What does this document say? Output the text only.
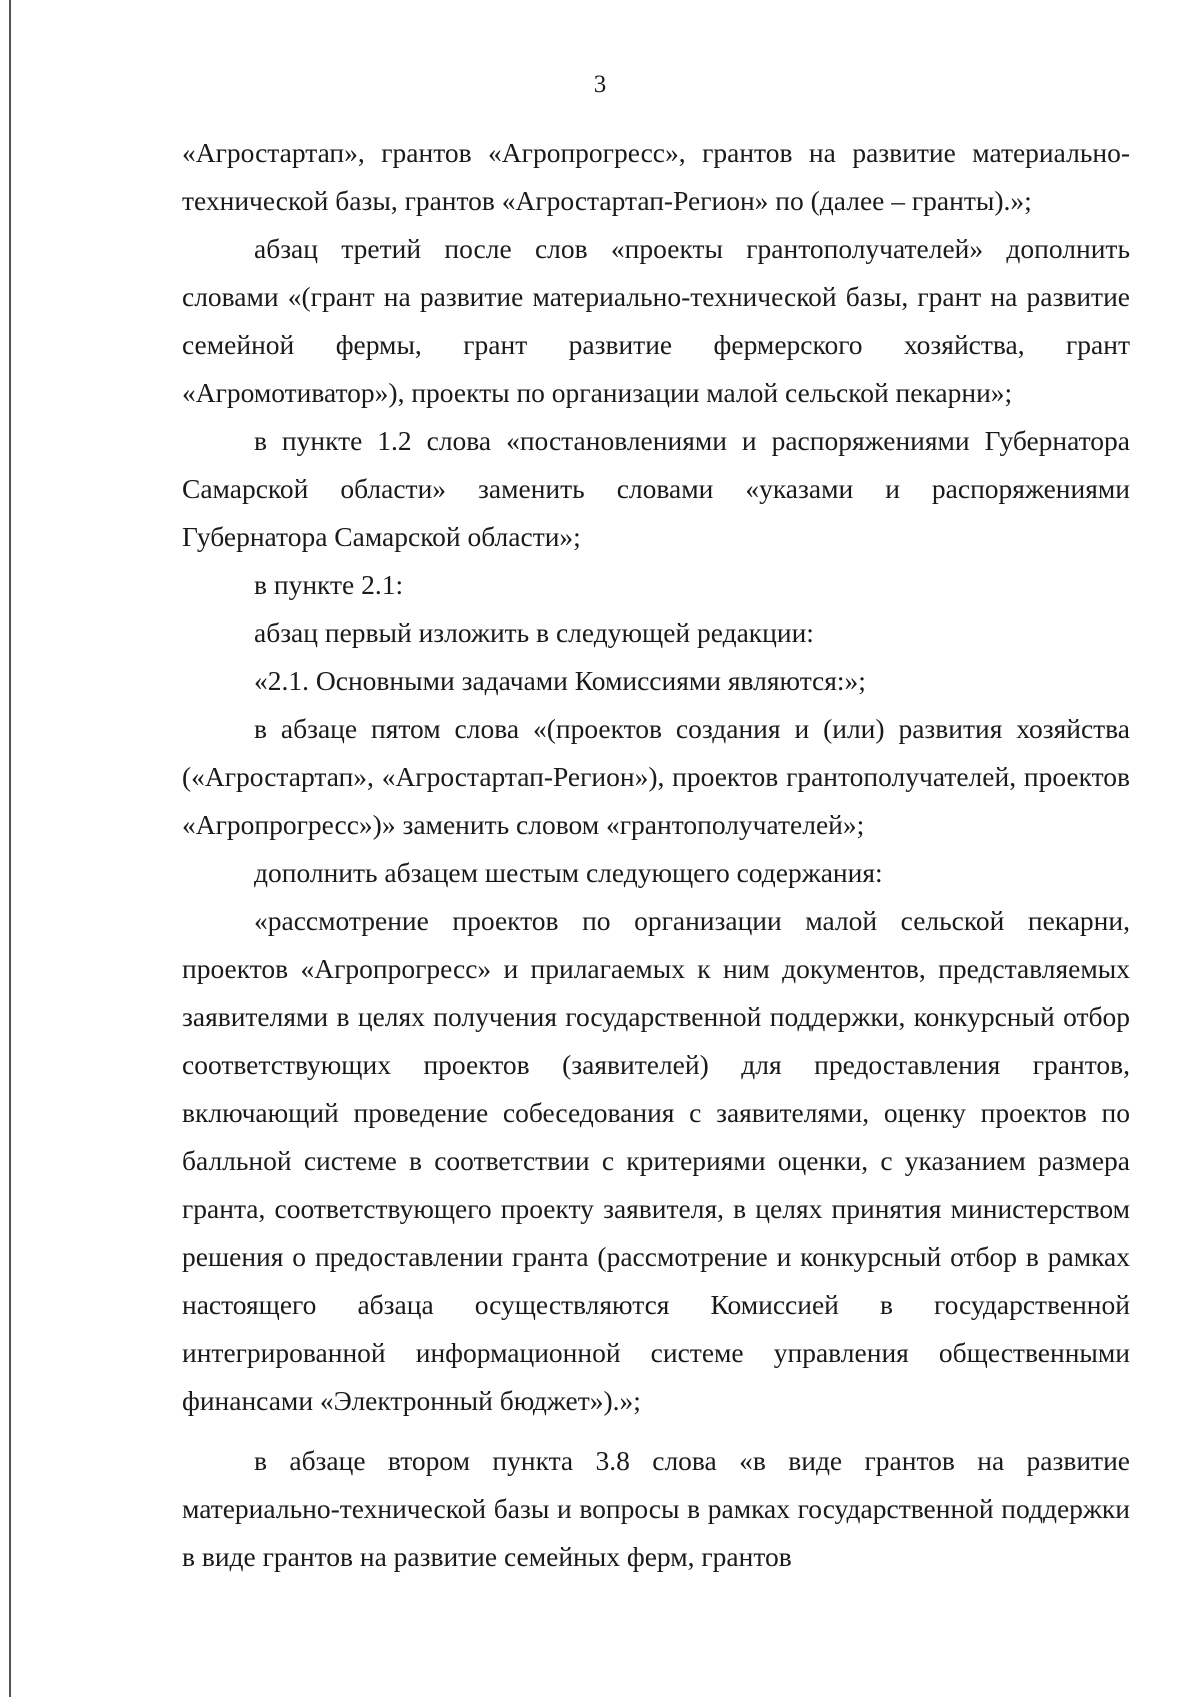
3

«Агростартап», грантов «Агропрогресс», грантов на развитие материально-технической базы, грантов «Агростартап-Регион» по (далее – гранты).»;

абзац третий после слов «проекты грантополучателей» дополнить словами «(грант на развитие материально-технической базы, грант на развитие семейной фермы, грант развитие фермерского хозяйства, грант «Агромотиватор»), проекты по организации малой сельской пекарни»;

в пункте 1.2 слова «постановлениями и распоряжениями Губернатора Самарской области» заменить словами «указами и распоряжениями Губернатора Самарской области»;

в пункте 2.1:

абзац первый изложить в следующей редакции:

«2.1. Основными задачами Комиссиями являются:»;

в абзаце пятом слова «(проектов создания и (или) развития хозяйства («Агростартап», «Агростартап-Регион»), проектов грантополучателей, проектов «Агропрогресс»)» заменить словом «грантополучателей»;

дополнить абзацем шестым следующего содержания:

«рассмотрение проектов по организации малой сельской пекарни, проектов «Агропрогресс» и прилагаемых к ним документов, представляемых заявителями в целях получения государственной поддержки, конкурсный отбор соответствующих проектов (заявителей) для предоставления грантов, включающий проведение собеседования с заявителями, оценку проектов по балльной системе в соответствии с критериями оценки, с указанием размера гранта, соответствующего проекту заявителя, в целях принятия министерством решения о предоставлении гранта (рассмотрение и конкурсный отбор в рамках настоящего абзаца осуществляются Комиссией в государственной интегрированной информационной системе управления общественными финансами «Электронный бюджет»).»;

в абзаце втором пункта 3.8 слова «в виде грантов на развитие материально-технической базы и вопросы в рамках государственной поддержки в виде грантов на развитие семейных ферм, грантов
